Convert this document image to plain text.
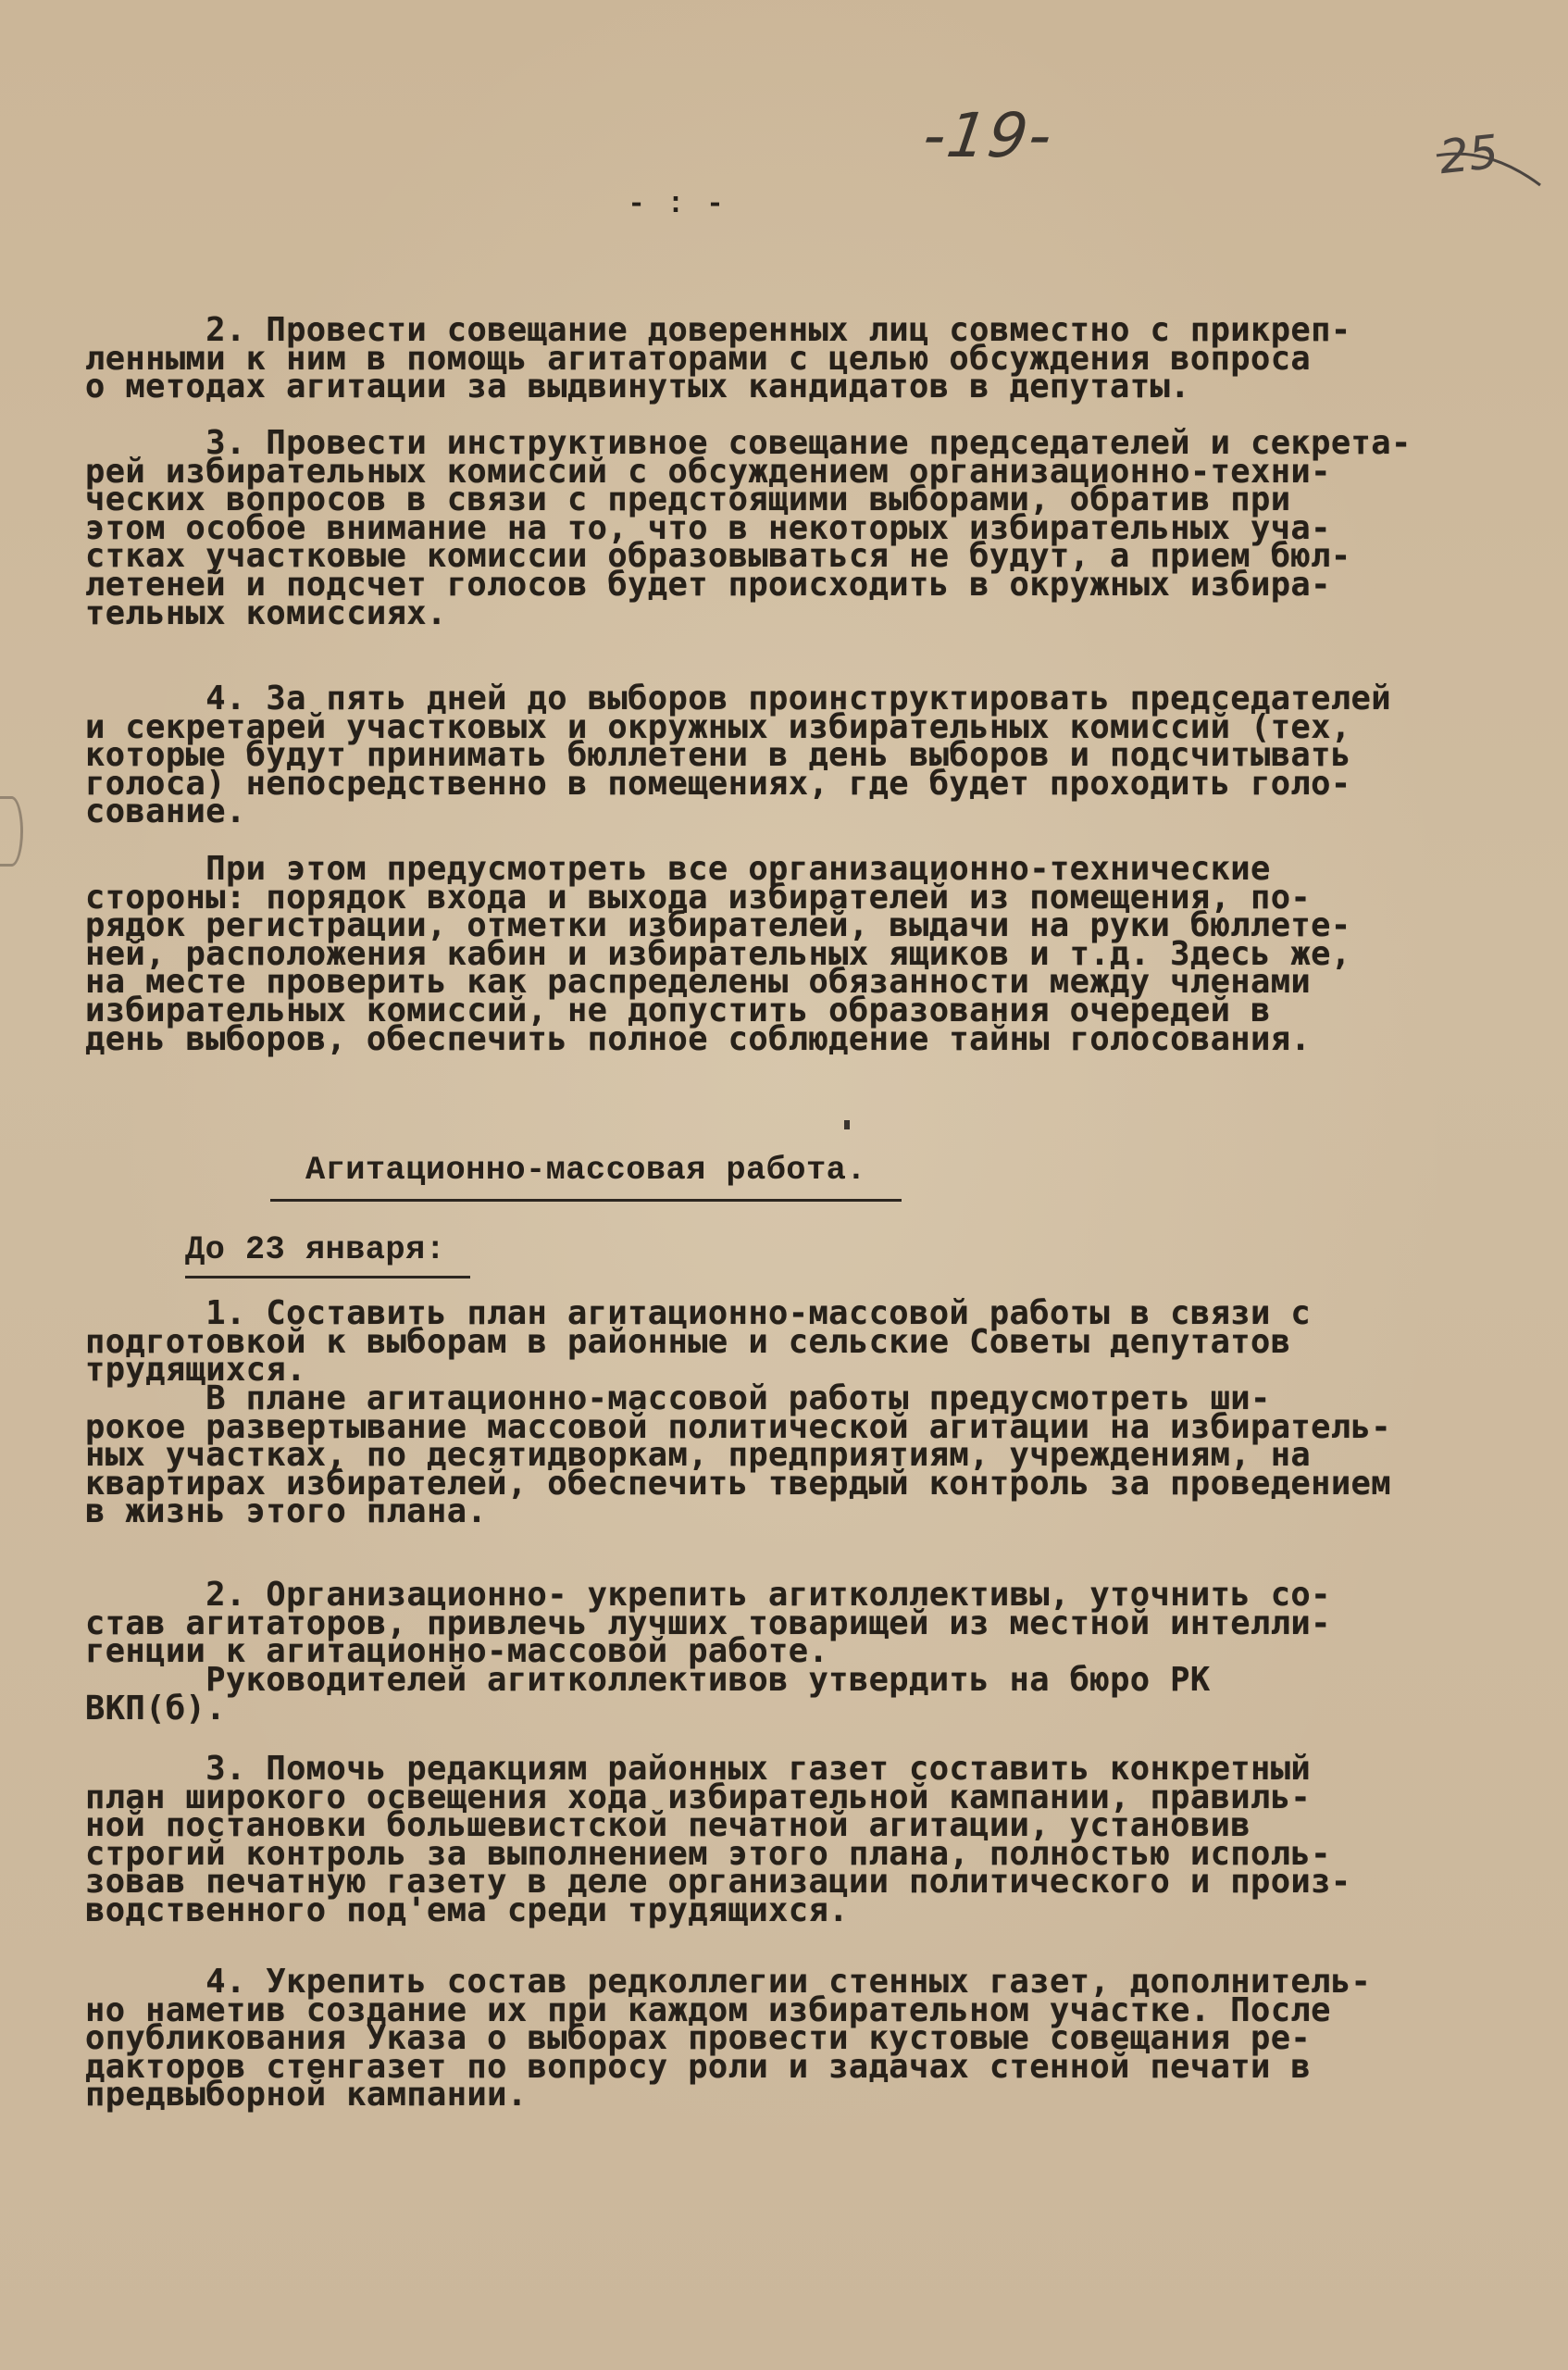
-19-	25
- : -
2. Провести совещание доверенных лиц совместно с прикреп-
ленными к ним в помощь агитаторами с целью обсуждения вопроса
о методах агитации за выдвинутых кандидатов в депутаты.
3. Провести инструктивное совещание председателей и секрета-
рей избирательных комиссий с обсуждением организационно-техни-
ческих вопросов в связи с предстоящими выборами, обратив при
этом особое внимание на то, что в некоторых избирательных уча-
стках участковые комиссии образовываться не будут, а прием бюл-
летеней и подсчет голосов будет происходить в окружных избира-
тельных комиссиях.
4. За пять дней до выборов проинструктировать председателей
и секретарей участковых и окружных избирательных комиссий (тех,
которые будут принимать бюллетени в день выборов и подсчитывать
голоса) непосредственно в помещениях, где будет проходить голо-
сование.
При этом предусмотреть все организационно-технические
стороны: порядок входа и выхода избирателей из помещения, по-
рядок регистрации, отметки избирателей, выдачи на руки бюллете-
ней, расположения кабин и избирательных ящиков и т.д. Здесь же,
на месте проверить как распределены обязанности между членами
избирательных комиссий, не допустить образования очередей в
день выборов, обеспечить полное соблюдение тайны голосования.
Агитационно-массовая работа.
До 23 января:
1. Составить план агитационно-массовой работы в связи с
подготовкой к выборам в районные и сельские Советы депутатов
трудящихся.
В плане агитационно-массовой работы предусмотреть ши-
рокое развертывание массовой политической агитации на избиратель-
ных участках, по десятидворкам, предприятиям, учреждениям, на
квартирах избирателей, обеспечить твердый контроль за проведением
в жизнь этого плана.
2. Организационно- укрепить агитколлективы, уточнить со-
став агитаторов, привлечь лучших товарищей из местной интелли-
генции к агитационно-массовой работе.
Руководителей агитколлективов утвердить на бюро РК
ВКП(б).
3. Помочь редакциям районных газет составить конкретный
план широкого освещения хода избирательной кампании, правиль-
ной постановки большевистской печатной агитации, установив
строгий контроль за выполнением этого плана, полностью исполь-
зовав печатную газету в деле организации политического и произ-
водственного под'ема среди трудящихся.
4. Укрепить состав редколлегии стенных газет, дополнитель-
но наметив создание их при каждом избирательном участке. После
опубликования Указа о выборах провести кустовые совещания ре-
дакторов стенгазет по вопросу роли и задачах стенной печати в
предвыборной кампании.
